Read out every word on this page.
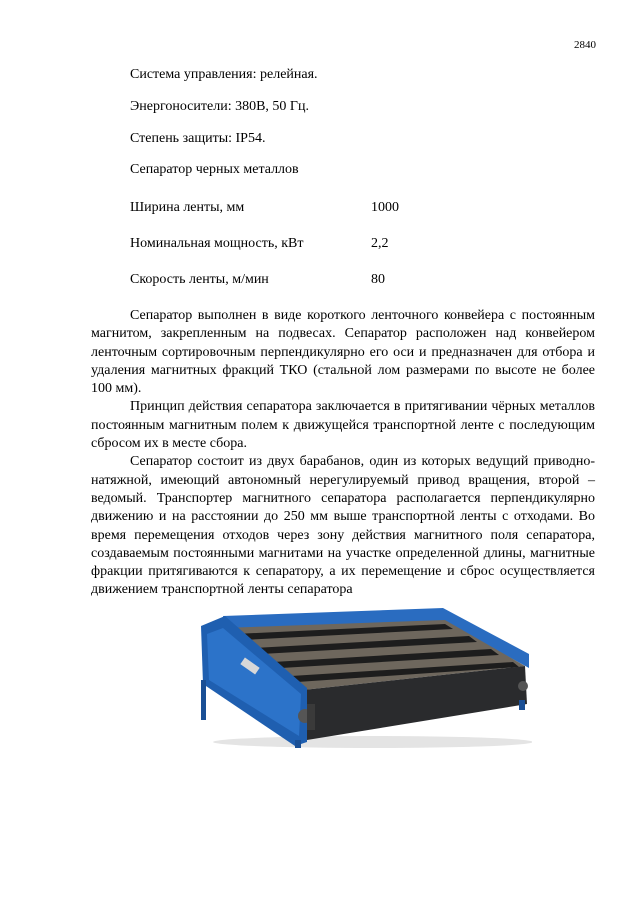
2840
Система управления: релейная.
Энергоносители: 380В, 50 Гц.
Степень защиты: IP54.
Сепаратор черных металлов
Ширина ленты, мм	1000
Номинальная мощность, кВт	2,2
Скорость ленты, м/мин	80

Сепаратор выполнен в виде короткого ленточного конвейера с постоянным магнитом, закрепленным на подвесах. Сепаратор расположен над конвейером ленточным сортировочным перпендикулярно его оси и предназначен для отбора и удаления магнитных фракций ТКО (стальной лом размерами по высоте не более 100 мм).

Принцип действия сепаратора заключается в притягивании чёрных металлов постоянным магнитным полем к движущейся транспортной ленте с последующим сбросом их в месте сбора.

Сепаратор состоит из двух барабанов, один из которых ведущий приводно-натяжной, имеющий автономный нерегулируемый привод вращения, второй – ведомый. Транспортер магнитного сепаратора располагается перпендикулярно движению и на расстоянии до 250 мм выше транспортной ленты с отходами. Во время перемещения отходов через зону действия магнитного поля сепаратора, создаваемым постоянными магнитами на участке определенной длины, магнитные фракции притягиваются к сепаратору, а их перемещение и сброс осуществляется движением транспортной ленты сепаратора
